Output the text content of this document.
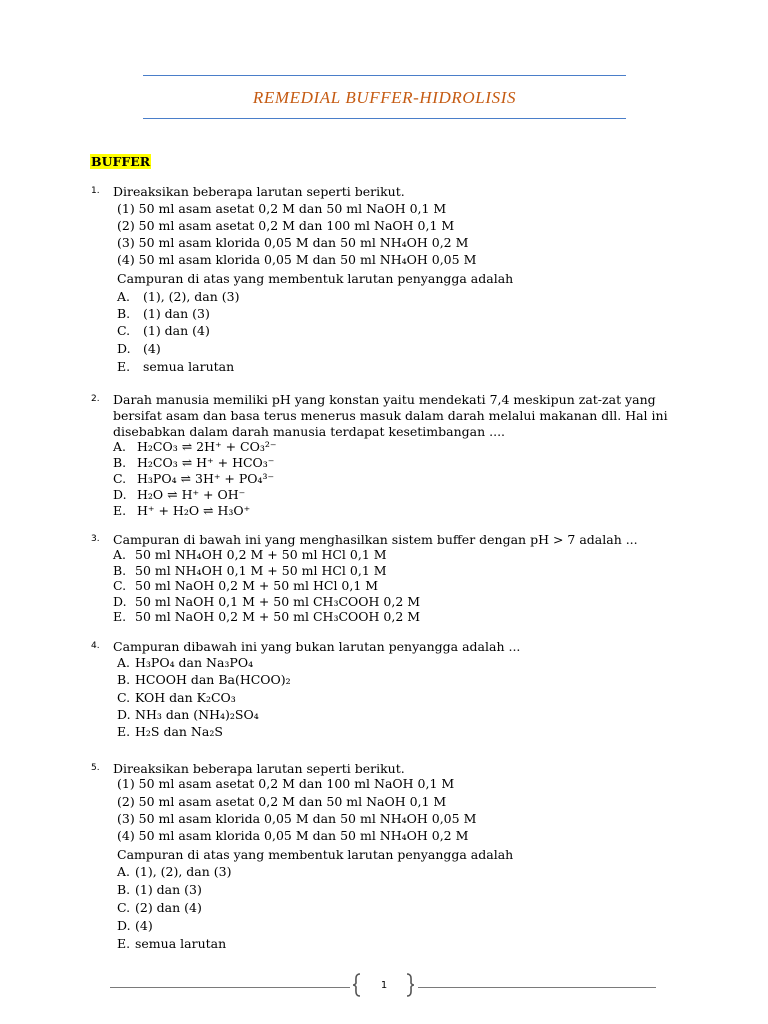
REMEDIAL BUFFER-HIDROLISIS
BUFFER
1. Direaksikan beberapa larutan seperti berikut.
(1) 50 ml asam asetat 0,2 M dan 50 ml NaOH 0,1 M
(2) 50 ml asam asetat 0,2 M dan 100 ml NaOH 0,1 M
(3) 50 ml asam klorida 0,05 M dan 50 ml NH₄OH 0,2 M
(4) 50 ml asam klorida 0,05 M dan 50 ml NH₄OH 0,05 M
Campuran di atas yang membentuk larutan penyangga adalah
A. (1), (2), dan (3)
B. (1) dan (3)
C. (1) dan (4)
D. (4)
E. semua larutan
2. Darah manusia memiliki pH yang konstan yaitu mendekati 7,4 meskipun zat-zat yang
bersifat asam dan basa terus menerus masuk dalam darah melalui makanan dll. Hal ini
disebabkan dalam darah manusia terdapat kesetimbangan ....
A. H₂CO₃ ⇌ 2H⁺ + CO₃²⁻
B. H₂CO₃ ⇌ H⁺ + HCO₃⁻
C. H₃PO₄ ⇌ 3H⁺ + PO₄³⁻
D. H₂O ⇌ H⁺ + OH⁻
E. H⁺ + H₂O ⇌ H₃O⁺
3. Campuran di bawah ini yang menghasilkan sistem buffer dengan pH > 7 adalah ...
A. 50 ml NH₄OH 0,2 M + 50 ml HCl 0,1 M
B. 50 ml NH₄OH 0,1 M + 50 ml HCl 0,1 M
C. 50 ml NaOH 0,2 M + 50 ml HCl 0,1 M
D. 50 ml NaOH 0,1 M + 50 ml CH₃COOH 0,2 M
E. 50 ml NaOH 0,2 M + 50 ml CH₃COOH 0,2 M
4. Campuran dibawah ini yang bukan larutan penyangga adalah ...
A. H₃PO₄ dan Na₃PO₄
B. HCOOH dan Ba(HCOO)₂
C. KOH dan K₂CO₃
D. NH₃ dan (NH₄)₂SO₄
E. H₂S dan Na₂S
5. Direaksikan beberapa larutan seperti berikut.
(1) 50 ml asam asetat 0,2 M dan 100 ml NaOH 0,1 M
(2) 50 ml asam asetat 0,2 M dan 50 ml NaOH 0,1 M
(3) 50 ml asam klorida 0,05 M dan 50 ml NH₄OH 0,05 M
(4) 50 ml asam klorida 0,05 M dan 50 ml NH₄OH 0,2 M
Campuran di atas yang membentuk larutan penyangga adalah
A. (1), (2), dan (3)
B. (1) dan (3)
C. (2) dan (4)
D. (4)
E. semua larutan
1
